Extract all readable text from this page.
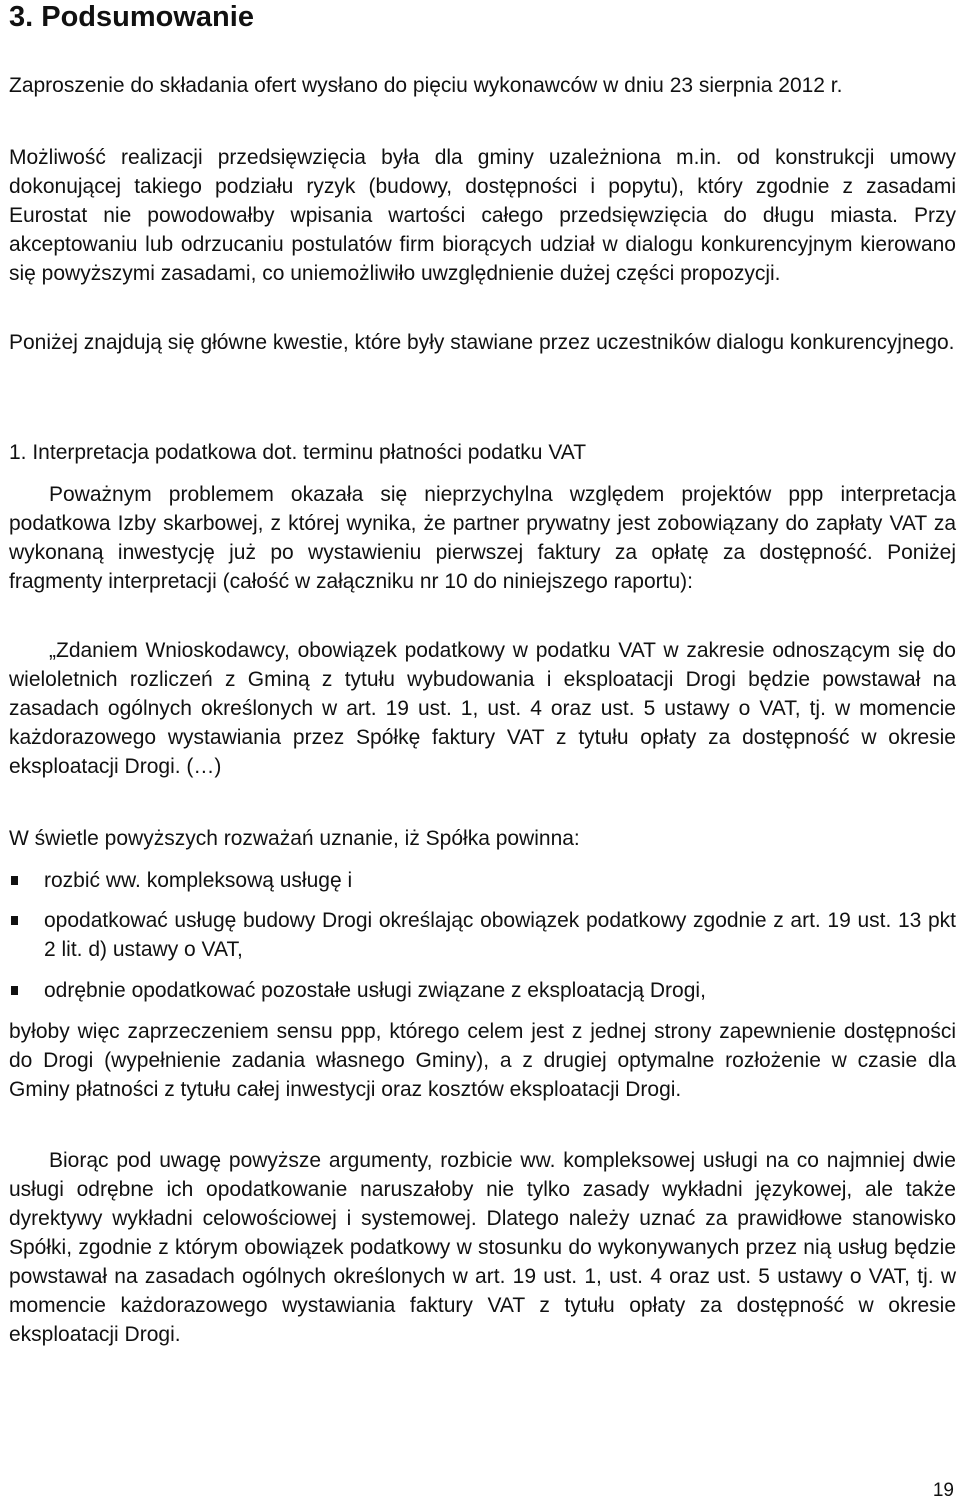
3. Podsumowanie

Zaproszenie do składania ofert wysłano do pięciu wykonawców w dniu 23 sierpnia 2012 r.

Możliwość realizacji przedsięwzięcia była dla gminy uzależniona m.in. od konstrukcji umowy dokonującej takiego podziału ryzyk (budowy, dostępności i popytu), który zgodnie z zasadami Eurostat nie powodowałby wpisania wartości całego przedsięwzięcia do długu miasta. Przy akceptowaniu lub odrzucaniu postulatów firm biorących udział w dialogu konkurencyjnym kierowano się powyższymi zasadami, co uniemożliwiło uwzględnienie dużej części propozycji.

Poniżej znajdują się główne kwestie, które były stawiane przez uczestników dialogu konkurencyjnego.

1. Interpretacja podatkowa dot. terminu płatności podatku VAT

Poważnym problemem okazała się nieprzychylna względem projektów ppp interpretacja podatkowa Izby skarbowej, z której wynika, że partner prywatny jest zobowiązany do zapłaty VAT za wykonaną inwestycję już po wystawieniu pierwszej faktury za opłatę za dostępność. Poniżej fragmenty interpretacji (całość w załączniku nr 10 do niniejszego raportu):

„Zdaniem Wnioskodawcy, obowiązek podatkowy w podatku VAT w zakresie odnoszącym się do wieloletnich rozliczeń z Gminą z tytułu wybudowania i eksploatacji Drogi będzie powstawał na zasadach ogólnych określonych w art. 19 ust. 1, ust. 4 oraz ust. 5 ustawy o VAT, tj. w momencie każdorazowego wystawiania przez Spółkę faktury VAT z tytułu opłaty za dostępność w okresie eksploatacji Drogi. (…)

W świetle powyższych rozważań uznanie, iż Spółka powinna:

rozbić ww. kompleksową usługę i
opodatkować usługę budowy Drogi określając obowiązek podatkowy zgodnie z art. 19 ust. 13 pkt 2 lit. d) ustawy o VAT,
odrębnie opodatkować pozostałe usługi związane z eksploatacją Drogi,

byłoby więc zaprzeczeniem sensu ppp, którego celem jest z jednej strony zapewnienie dostępności do Drogi (wypełnienie zadania własnego Gminy), a z drugiej optymalne rozłożenie w czasie dla Gminy płatności z tytułu całej inwestycji oraz kosztów eksploatacji Drogi.

Biorąc pod uwagę powyższe argumenty, rozbicie ww. kompleksowej usługi na co najmniej dwie usługi odrębne ich opodatkowanie naruszałoby nie tylko zasady wykładni językowej, ale także dyrektywy wykładni celowościowej i systemowej. Dlatego należy uznać za prawidłowe stanowisko Spółki, zgodnie z którym obowiązek podatkowy w stosunku do wykonywanych przez nią usług będzie powstawał na zasadach ogólnych określonych w art. 19 ust. 1, ust. 4 oraz ust. 5 ustawy o VAT, tj. w momencie każdorazowego wystawiania faktury VAT z tytułu opłaty za dostępność w okresie eksploatacji Drogi.

19
